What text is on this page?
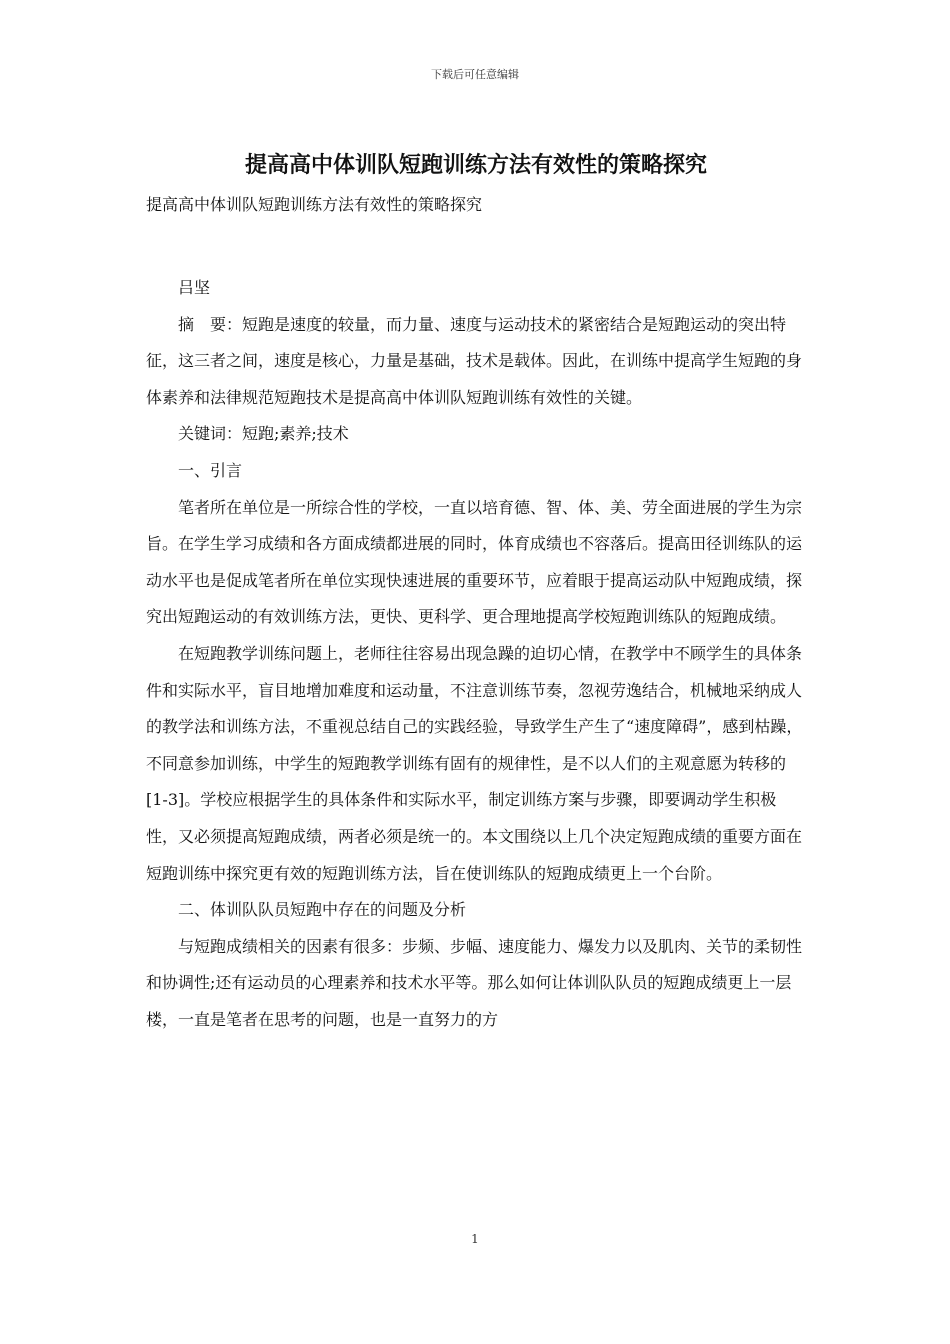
下载后可任意编辑
提高高中体训队短跑训练方法有效性的策略探究

提高高中体训队短跑训练方法有效性的策略探究

吕坚

摘　要：短跑是速度的较量，而力量、速度与运动技术的紧密结合是短跑运动的突出特征，这三者之间，速度是核心，力量是基础，技术是载体。因此，在训练中提高学生短跑的身体素养和法律规范短跑技术是提高高中体训队短跑训练有效性的关键。

关键词：短跑;素养;技术

一、引言

笔者所在单位是一所综合性的学校，一直以培育德、智、体、美、劳全面进展的学生为宗旨。在学生学习成绩和各方面成绩都进展的同时，体育成绩也不容落后。提高田径训练队的运动水平也是促成笔者所在单位实现快速进展的重要环节，应着眼于提高运动队中短跑成绩，探究出短跑运动的有效训练方法，更快、更科学、更合理地提高学校短跑训练队的短跑成绩。

在短跑教学训练问题上，老师往往容易出现急躁的迫切心情，在教学中不顾学生的具体条件和实际水平，盲目地增加难度和运动量，不注意训练节奏，忽视劳逸结合，机械地采纳成人的教学法和训练方法，不重视总结自己的实践经验，导致学生产生了“速度障碍”，感到枯躁，不同意参加训练，中学生的短跑教学训练有固有的规律性，是不以人们的主观意愿为转移的[1-3]。学校应根据学生的具体条件和实际水平，制定训练方案与步骤，即要调动学生积极性，又必须提高短跑成绩，两者必须是统一的。本文围绕以上几个决定短跑成绩的重要方面在短跑训练中探究更有效的短跑训练方法，旨在使训练队的短跑成绩更上一个台阶。

二、体训队队员短跑中存在的问题及分析

与短跑成绩相关的因素有很多：步频、步幅、速度能力、爆发力以及肌肉、关节的柔韧性和协调性;还有运动员的心理素养和技术水平等。那么如何让体训队队员的短跑成绩更上一层楼，一直是笔者在思考的问题，也是一直努力的方

1
